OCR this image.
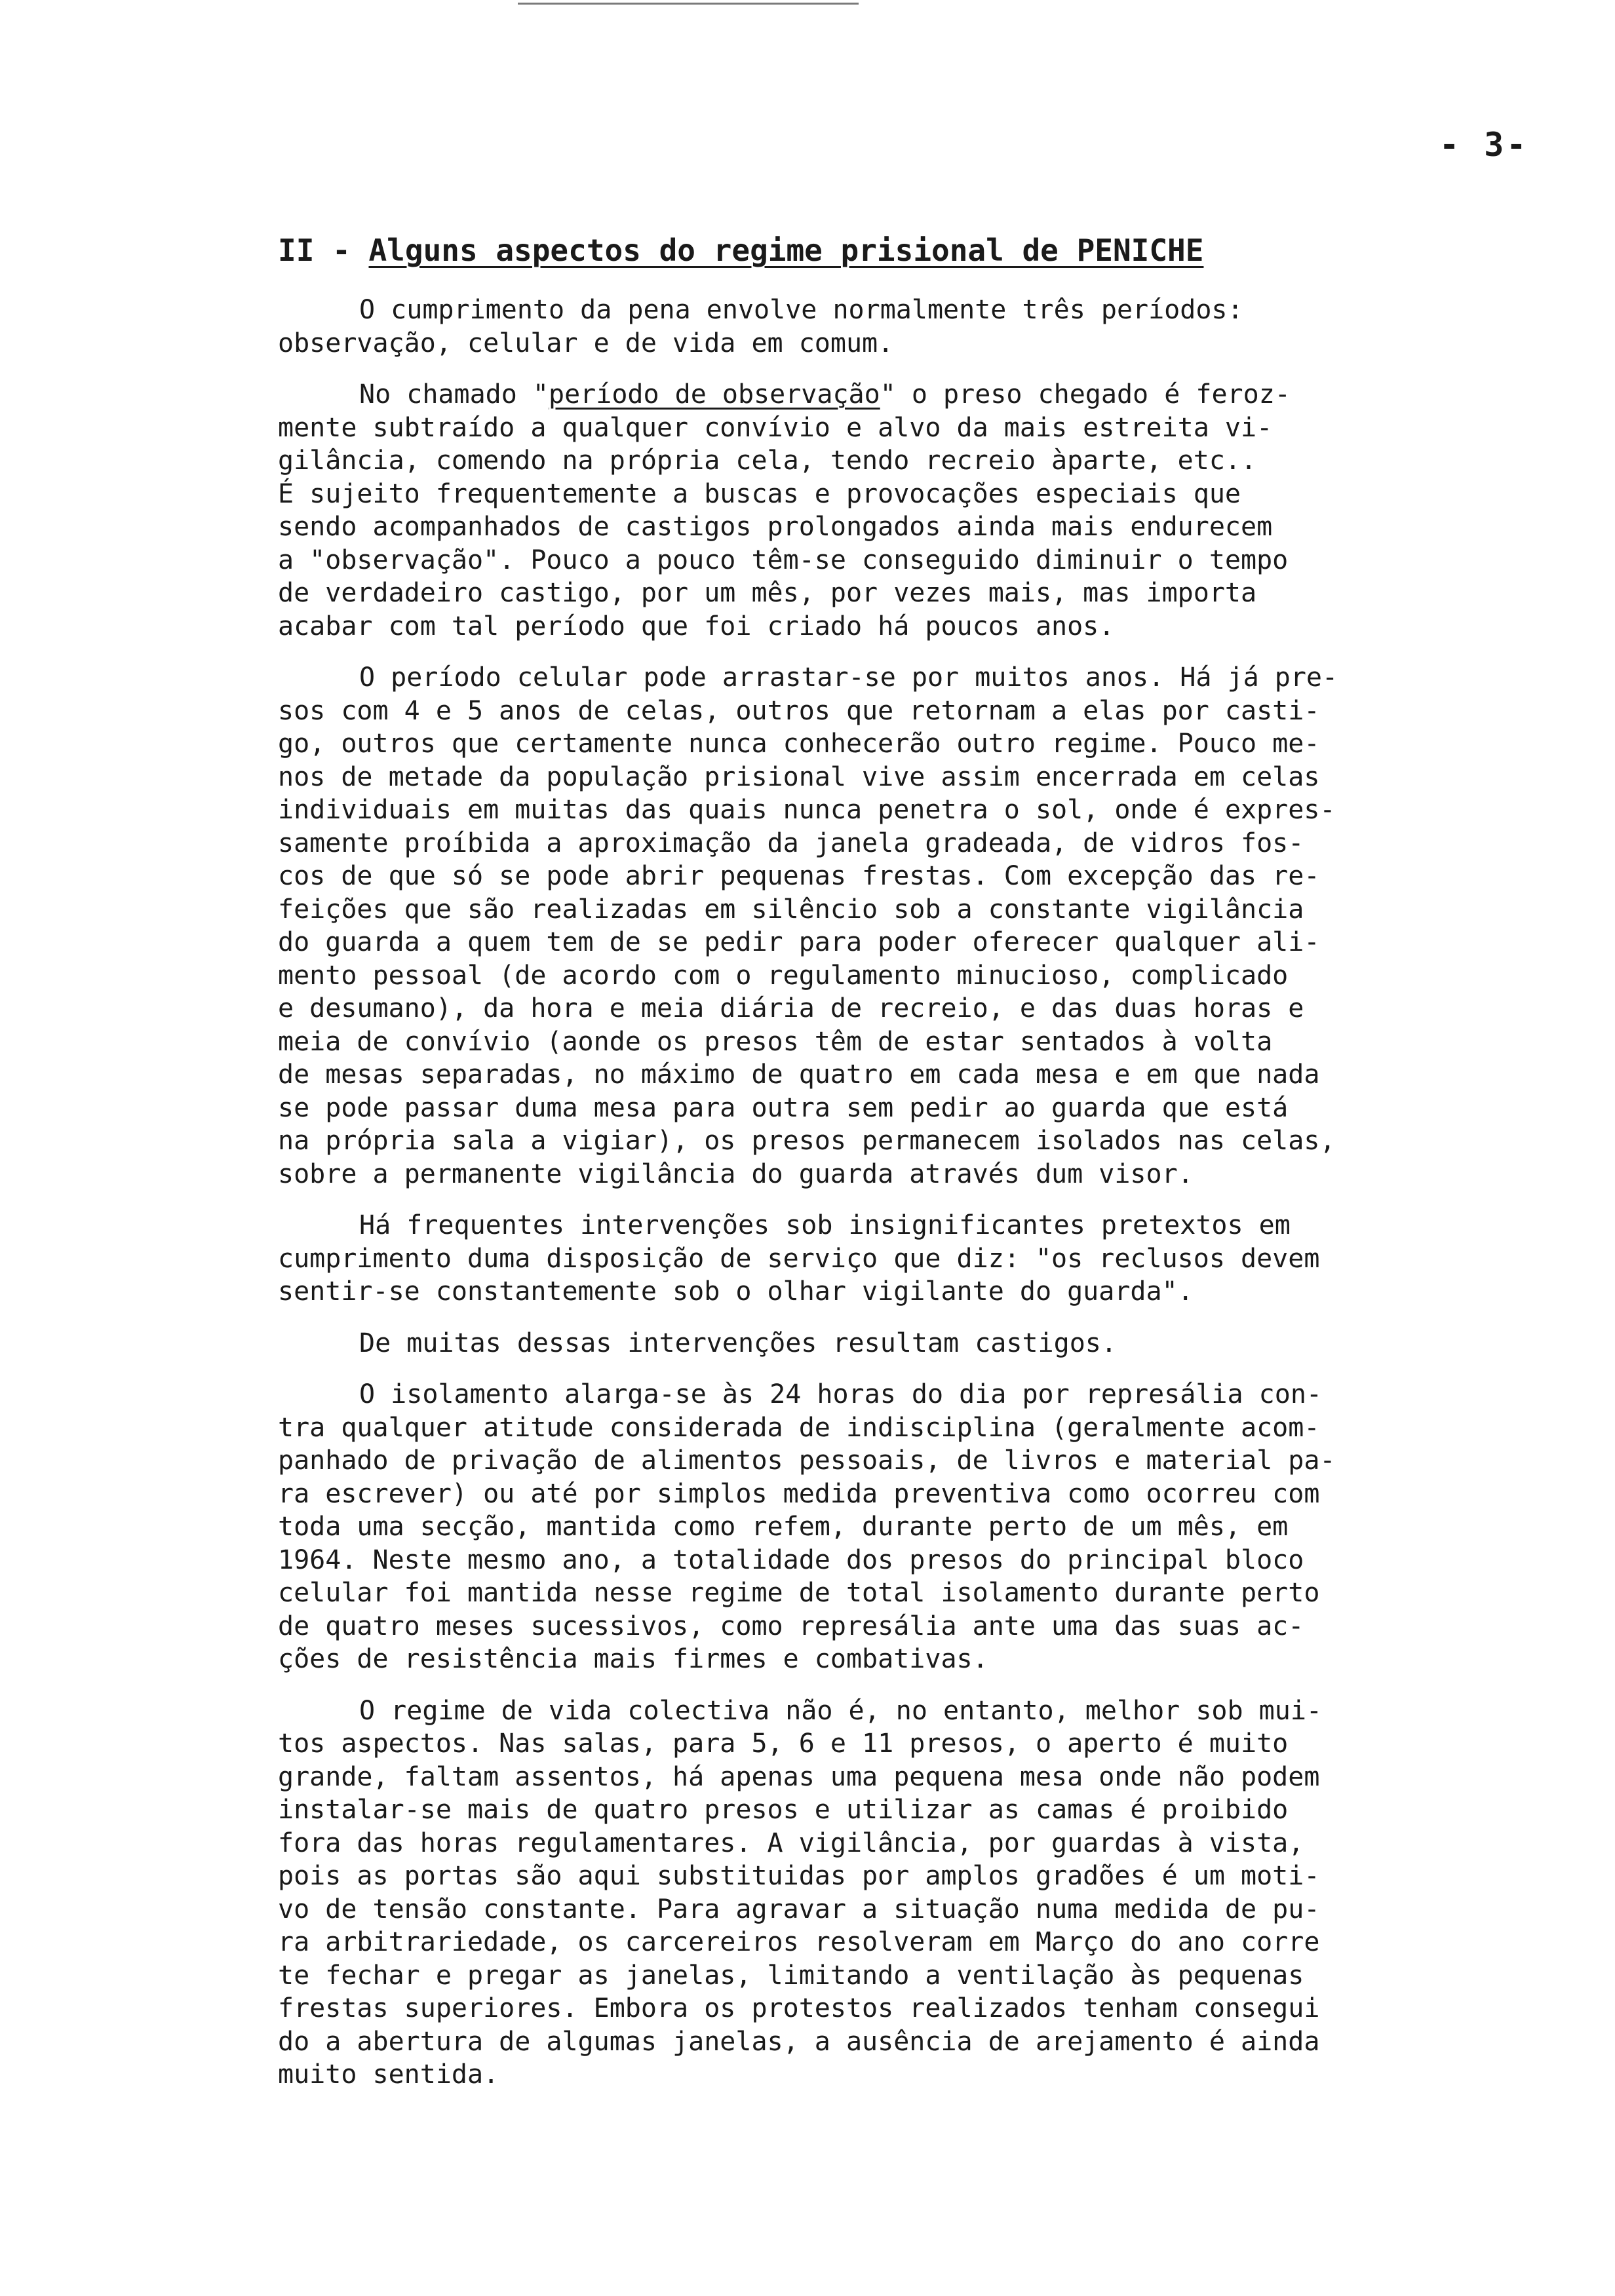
- 3-
II - Alguns aspectos do regime prisional de PENICHE
O cumprimento da pena envolve normalmente três períodos:
observação, celular e de vida em comum.
No chamado "período de observação" o preso chegado é feroz-
mente subtraído a qualquer convívio e alvo da mais estreita vi-
gilância, comendo na própria cela, tendo recreio àparte, etc..
É sujeito frequentemente a buscas e provocações especiais que
sendo acompanhados de castigos prolongados ainda mais endurecem
a "observação". Pouco a pouco têm-se conseguido diminuir o tempo
de verdadeiro castigo, por um mês, por vezes mais, mas importa
acabar com tal período que foi criado há poucos anos.
O período celular pode arrastar-se por muitos anos. Há já pre-
sos com 4 e 5 anos de celas, outros que retornam a elas por casti-
go, outros que certamente nunca conhecerão outro regime. Pouco me-
nos de metade da população prisional vive assim encerrada em celas
individuais em muitas das quais nunca penetra o sol, onde é expres-
samente proíbida a aproximação da janela gradeada, de vidros fos-
cos de que só se pode abrir pequenas frestas. Com excepção das re-
feições que são realizadas em silêncio sob a constante vigilância
do guarda a quem tem de se pedir para poder oferecer qualquer ali-
mento pessoal (de acordo com o regulamento minucioso, complicado
e desumano), da hora e meia diária de recreio, e das duas horas e
meia de convívio (aonde os presos têm de estar sentados à volta
de mesas separadas, no máximo de quatro em cada mesa e em que nada
se pode passar duma mesa para outra sem pedir ao guarda que está
na própria sala a vigiar), os presos permanecem isolados nas celas,
sobre a permanente vigilância do guarda através dum visor.
Há frequentes intervenções sob insignificantes pretextos em
cumprimento duma disposição de serviço que diz: "os reclusos devem
sentir-se constantemente sob o olhar vigilante do guarda".
De muitas dessas intervenções resultam castigos.
O isolamento alarga-se às 24 horas do dia por represália con-
tra qualquer atitude considerada de indisciplina (geralmente acom-
panhado de privação de alimentos pessoais, de livros e material pa-
ra escrever) ou até por simplos medida preventiva como ocorreu com
toda uma secção, mantida como refem, durante perto de um mês, em
1964. Neste mesmo ano, a totalidade dos presos do principal bloco
celular foi mantida nesse regime de total isolamento durante perto
de quatro meses sucessivos, como represália ante uma das suas ac-
ções de resistência mais firmes e combativas.
O regime de vida colectiva não é, no entanto, melhor sob mui-
tos aspectos. Nas salas, para 5, 6 e 11 presos, o aperto é muito
grande, faltam assentos, há apenas uma pequena mesa onde não podem
instalar-se mais de quatro presos e utilizar as camas é proibido
fora das horas regulamentares. A vigilância, por guardas à vista,
pois as portas são aqui substituidas por amplos gradões é um moti-
vo de tensão constante. Para agravar a situação numa medida de pu-
ra arbitrariedade, os carcereiros resolveram em Março do ano corre
te fechar e pregar as janelas, limitando a ventilação às pequenas
frestas superiores. Embora os protestos realizados tenham consegui
do a abertura de algumas janelas, a ausência de arejamento é ainda
muito sentida.
